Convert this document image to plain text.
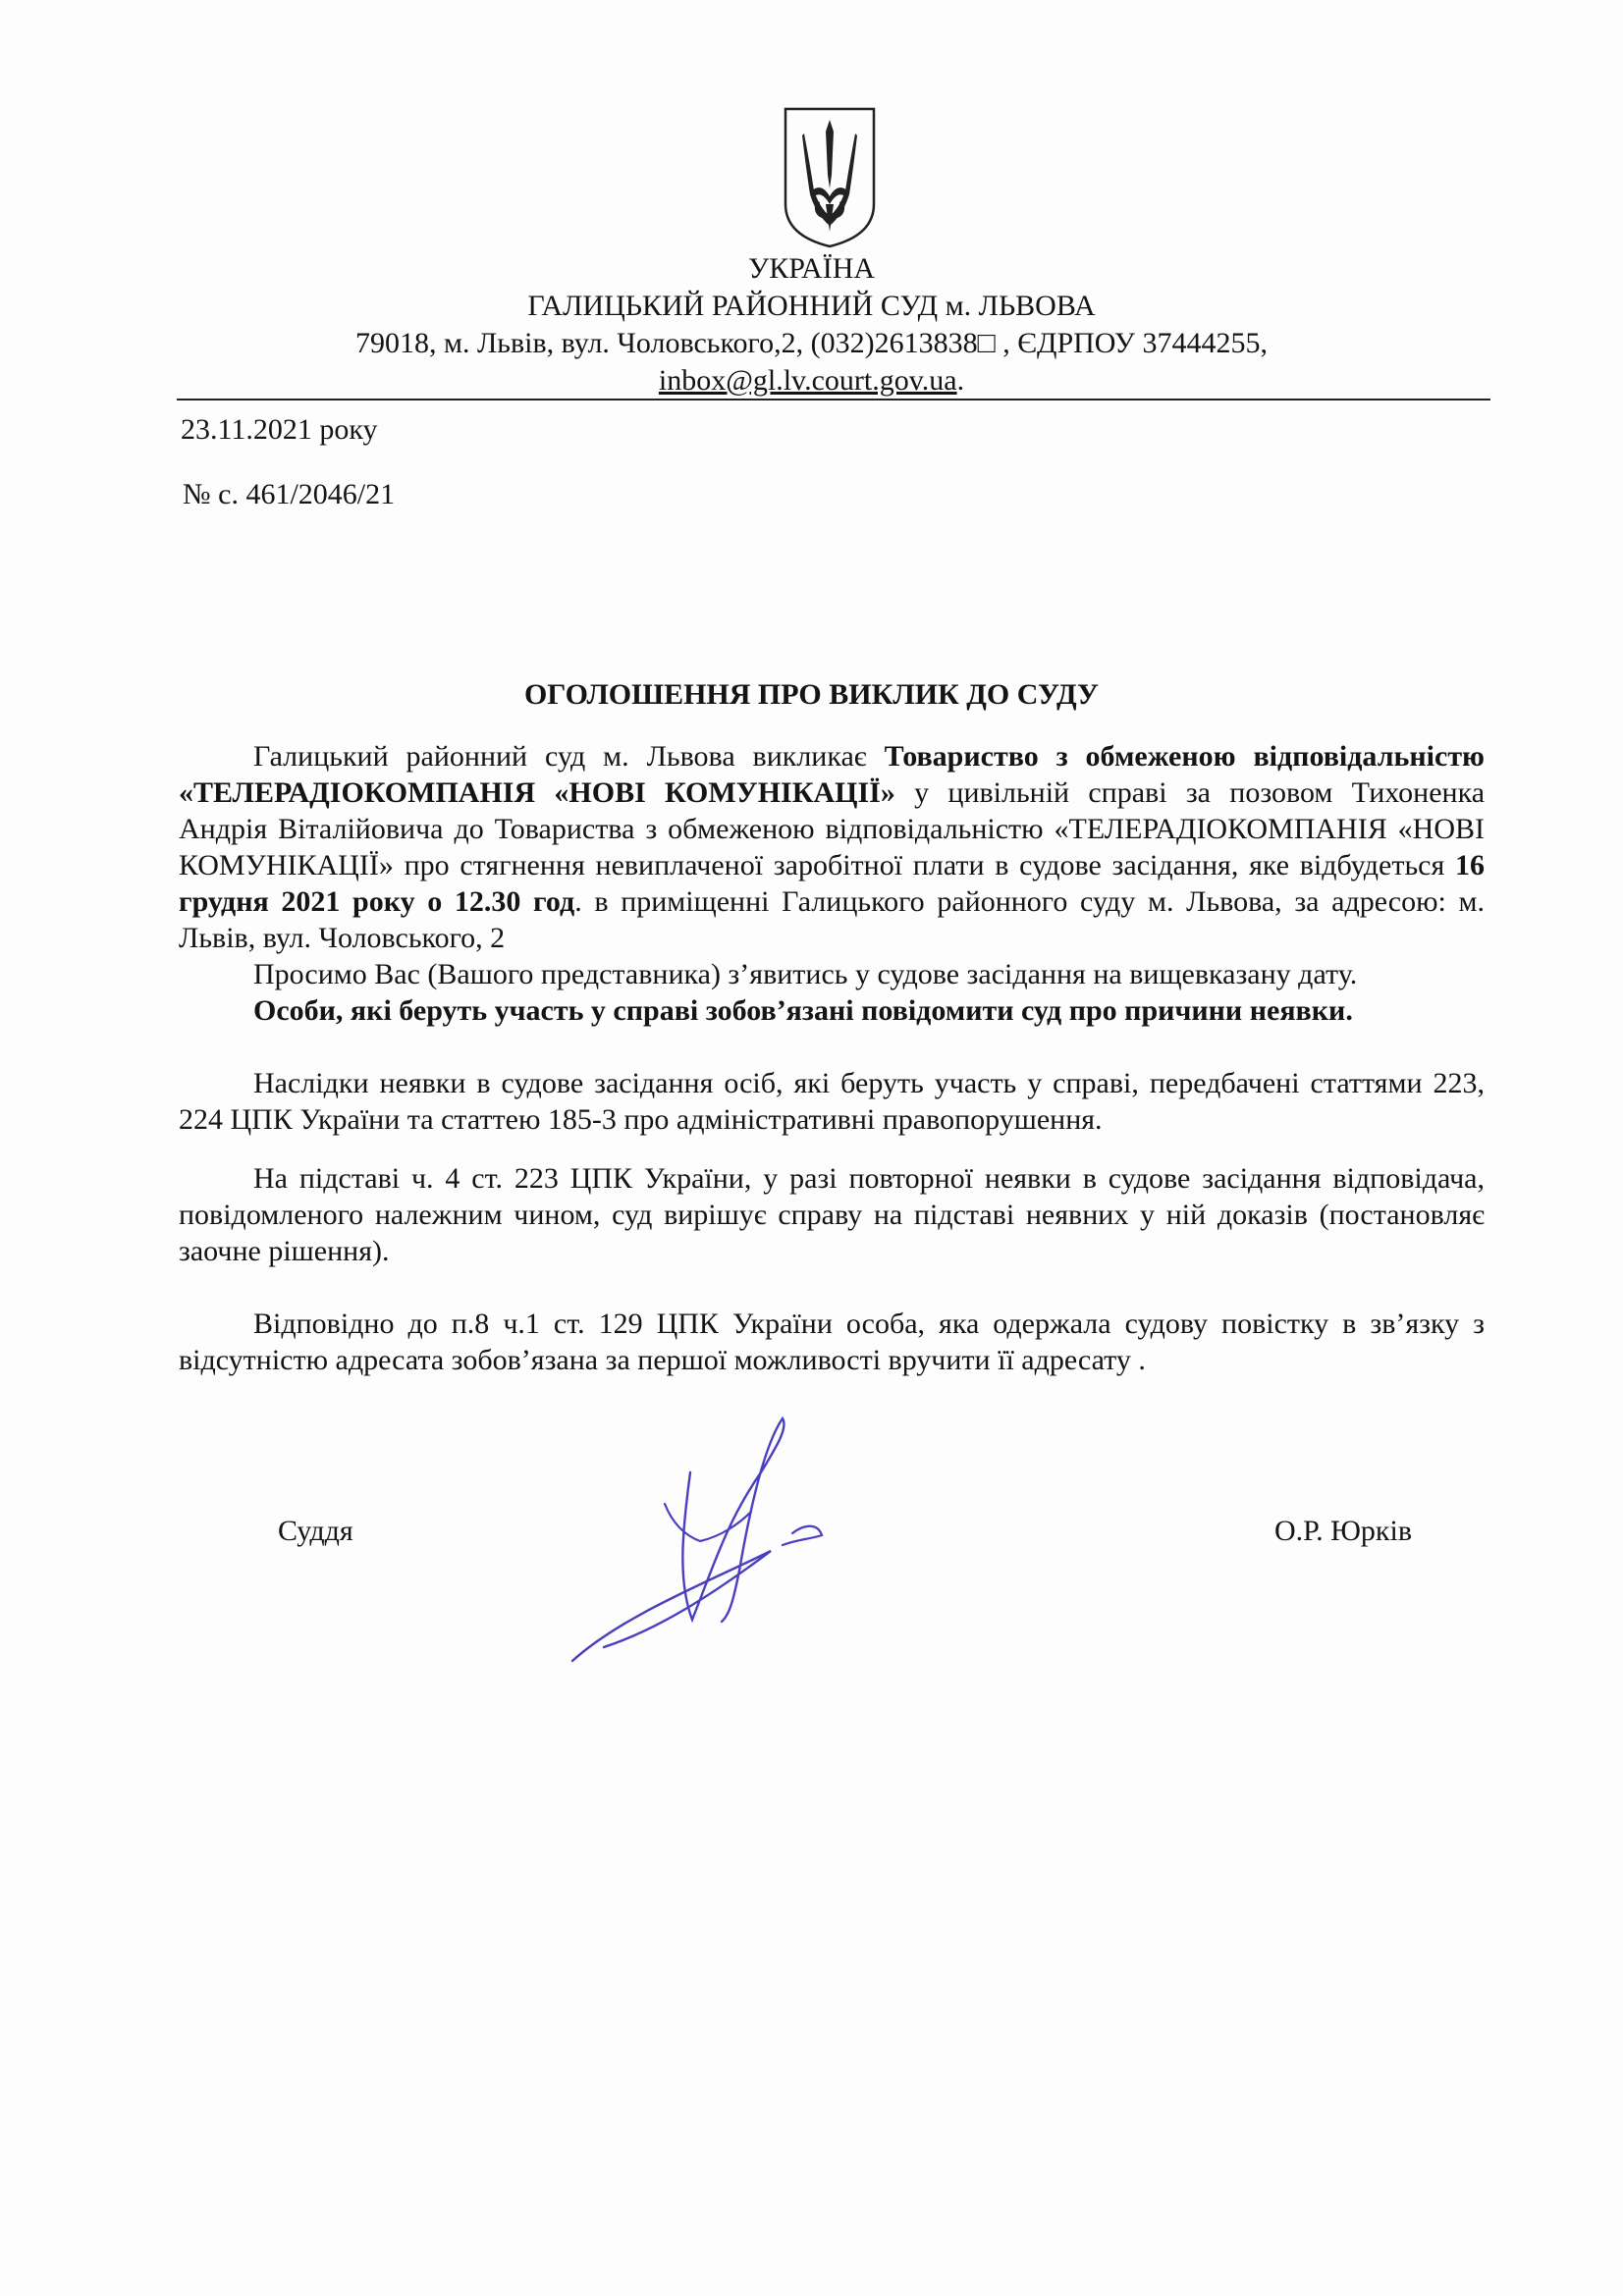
УКРАЇНА
ГАЛИЦЬКИЙ РАЙОННИЙ СУД м. ЛЬВОВА
79018, м. Львів, вул. Чоловського,2, (032)2613838□ , ЄДРПОУ 37444255,
inbox@gl.lv.court.gov.ua.
23.11.2021 року
№ с. 461/2046/21
ОГОЛОШЕННЯ ПРО ВИКЛИК ДО СУДУ

Галицький районний суд м. Львова викликає Товариство з обмеженою відповідальністю «ТЕЛЕРАДІОКОМПАНІЯ «НОВІ КОМУНІКАЦІЇ» у цивільній справі за позовом Тихоненка Андрія Віталійовича до Товариства з обмеженою відповідальністю «ТЕЛЕРАДІОКОМПАНІЯ «НОВІ КОМУНІКАЦІЇ» про стягнення невиплаченої заробітної плати в судове засідання, яке відбудеться 16 грудня 2021 року о 12.30 год. в приміщенні Галицького районного суду м. Львова, за адресою: м. Львів, вул. Чоловського, 2

Просимо Вас (Вашого представника) з’явитись у судове засідання на вищевказану дату.

Особи, які беруть участь у справі зобов’язані повідомити суд про причини неявки.

Наслідки неявки в судове засідання осіб, які беруть участь у справі, передбачені статтями 223, 224 ЦПК України та статтею 185-3 про адміністративні правопорушення.

На підставі ч. 4 ст. 223 ЦПК України, у разі повторної неявки в судове засідання відповідача, повідомленого належним чином, суд вирішує справу на підставі неявних у ній доказів (постановляє заочне рішення).

Відповідно до п.8 ч.1 ст. 129 ЦПК України особа, яка одержала судову повістку в зв’язку з відсутністю адресата зобов’язана за першої можливості вручити її адресату .

Суддя	О.Р. Юрків
